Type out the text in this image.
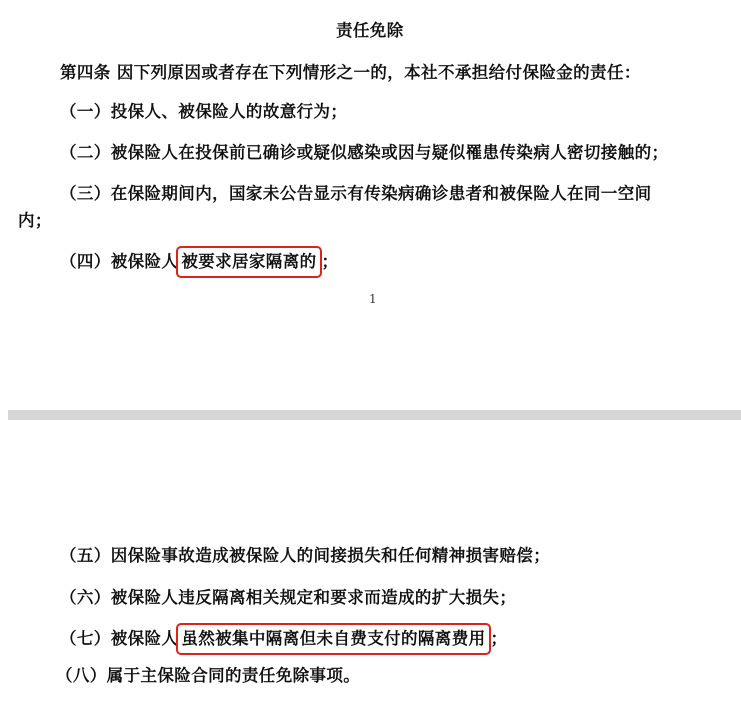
责任免除
第四条 因下列原因或者存在下列情形之一的，本社不承担给付保险金的责任：
（一）投保人、被保险人的故意行为；
（二）被保险人在投保前已确诊或疑似感染或因与疑似罹患传染病人密切接触的；
（三）在保险期间内，国家未公告显示有传染病确诊患者和被保险人在同一空间
内；
（四）被保险人 被要求居家隔离的 ；
1
（五）因保险事故造成被保险人的间接损失和任何精神损害赔偿；
（六）被保险人违反隔离相关规定和要求而造成的扩大损失；
（七）被保险人 虽然被集中隔离但未自费支付的隔离费用 ；
（八）属于主保险合同的责任免除事项。
